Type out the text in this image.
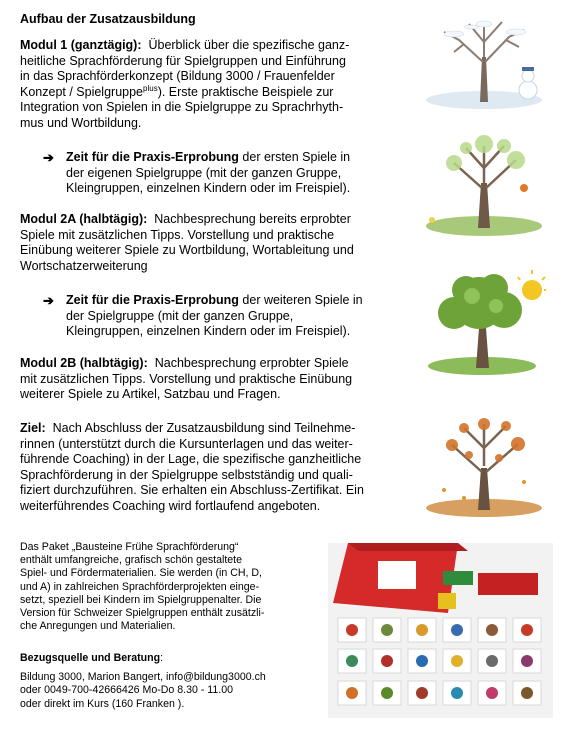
Aufbau der Zusatzausbildung

Modul 1 (ganztägig): Überblick über die spezifische ganz-

heitliche Sprachförderung für Spielgruppen und Einführung

in das Sprachförderkonzept (Bildung 3000 / Frauenfelder

Konzept / Spielgruppe$^{plus}$). Erste praktische Beispiele zur

Integration von Spielen in die Spielgruppe zu Sprachrhyth-

mus und Wortbildung.

➔ Zeit für die Praxis-Erprobung der ersten Spiele in

der eigenen Spielgruppe (mit der ganzen Gruppe,

Kleingruppen, einzelnen Kindern oder im Freispiel).

Modul 2A (halbtägig): Nachbesprechung bereits erprobter

Spiele mit zusätzlichen Tipps. Vorstellung und praktische

Einübung weiterer Spiele zu Wortbildung, Wortableitung und

Wortschatzerweiterung

➔ Zeit für die Praxis-Erprobung der weiteren Spiele in

der Spielgruppe (mit der ganzen Gruppe,

Kleingruppen, einzelnen Kindern oder im Freispiel).

Modul 2B (halbtägig): Nachbesprechung erprobter Spiele

mit zusätzlichen Tipps. Vorstellung und praktische Einübung

weiterer Spiele zu Artikel, Satzbau und Fragen.

Ziel: Nach Abschluss der Zusatzausbildung sind Teilnehme-

rinnen (unterstützt durch die Kursunterlagen und das weiter-

führende Coaching) in der Lage, die spezifische ganzheitliche

Sprachförderung in der Spielgruppe selbstständig und quali-

fiziert durchzuführen. Sie erhalten ein Abschluss-Zertifikat. Ein

weiterführendes Coaching wird fortlaufend angeboten.

Das Paket „Bausteine Frühe Sprachförderung“

enthält umfangreiche, grafisch schön gestaltete

Spiel- und Fördermaterialien. Sie werden (in CH, D,

und A) in zahlreichen Sprachförderprojekten einge-

setzt, speziell bei Kindern im Spielgruppenalter. Die

Version für Schweizer Spielgruppen enthält zusätzli-

che Anregungen und Materialien.

Bezugsquelle und Beratung:

Bildung 3000, Marion Bangert, info@bildung3000.ch

oder 0049-700-42666426 Mo-Do 8.30 - 11.00

oder direkt im Kurs (160 Franken ).
